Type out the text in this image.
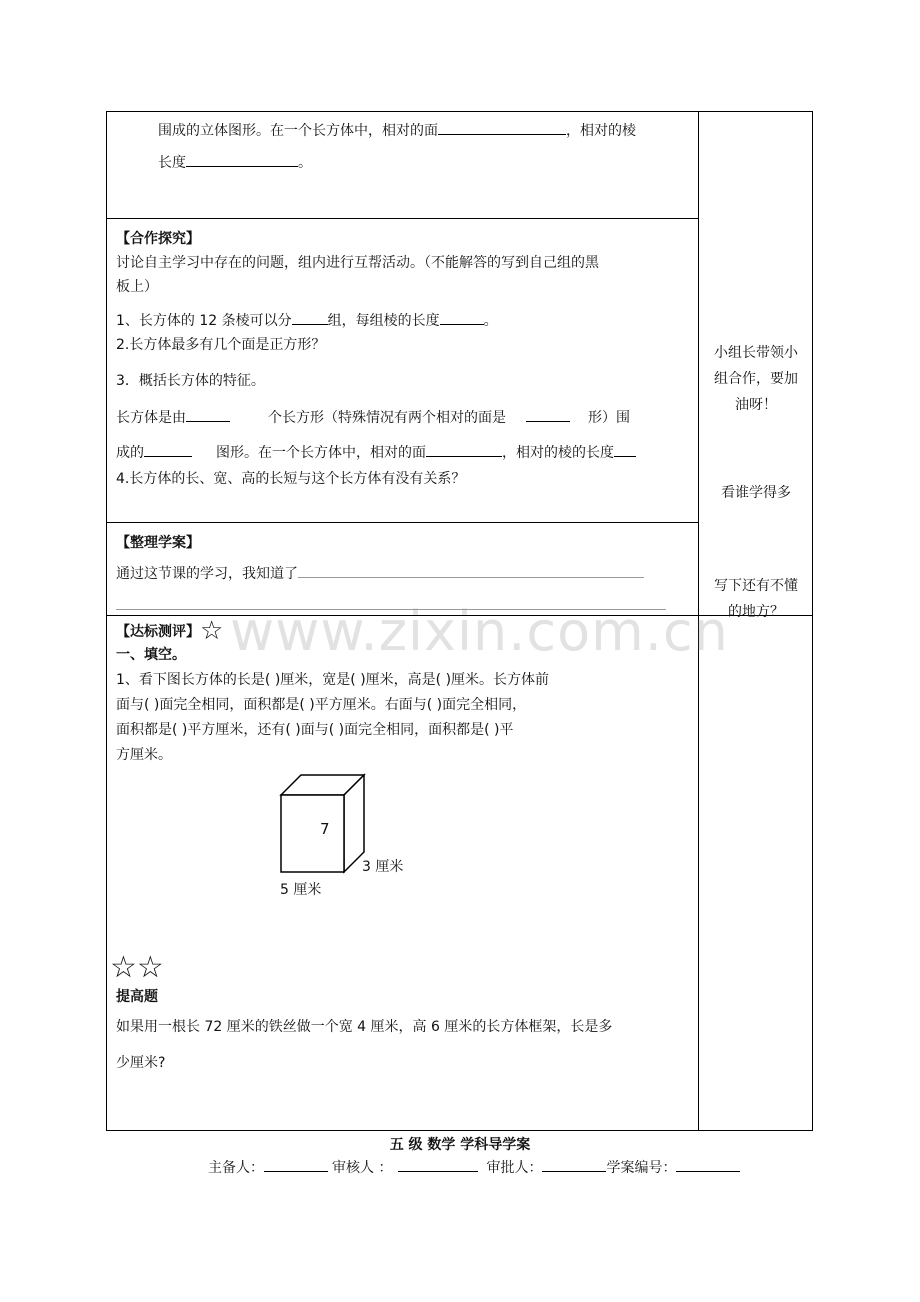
围成的立体图形。在一个长方体中，相对的面	，相对的棱
长度	。
【合作探究】
讨论自主学习中存在的问题，组内进行互帮活动。（不能解答的写到自己组的黑
板上）
1、长方体的 12 条棱可以分	组，每组棱的长度	。
2.长方体最多有几个面是正方形？
3．概括长方体的特征。
长方体是由	个长方形（特殊情况有两个相对的面是	形）围
成的	图形。在一个长方体中，相对的面	，相对的棱的长度
4.长方体的长、宽、高的长短与这个长方体有没有关系？
【整理学案】
通过这节课的学习，我知道了
www.zixin.com.cn
【达标测评】☆
一、填空。
1、看下图长方体的长是( )厘米，宽是( )厘米，高是( )厘米。长方体前
面与( )面完全相同，面积都是( )平方厘米。右面与( )面完全相同，
面积都是( )平方厘米，还有( )面与( )面完全相同，面积都是( )平
方厘米。
7
3 厘米
5 厘米
☆☆
提高题
如果用一根长 72 厘米的铁丝做一个宽 4 厘米，高 6 厘米的长方体框架，长是多
少厘米?
小组长带领小
组合作，要加
油呀！
看谁学得多
写下还有不懂
的地方？
五 级 数学 学科导学案
主备人：	审核人 ：	审批人：	学案编号：
